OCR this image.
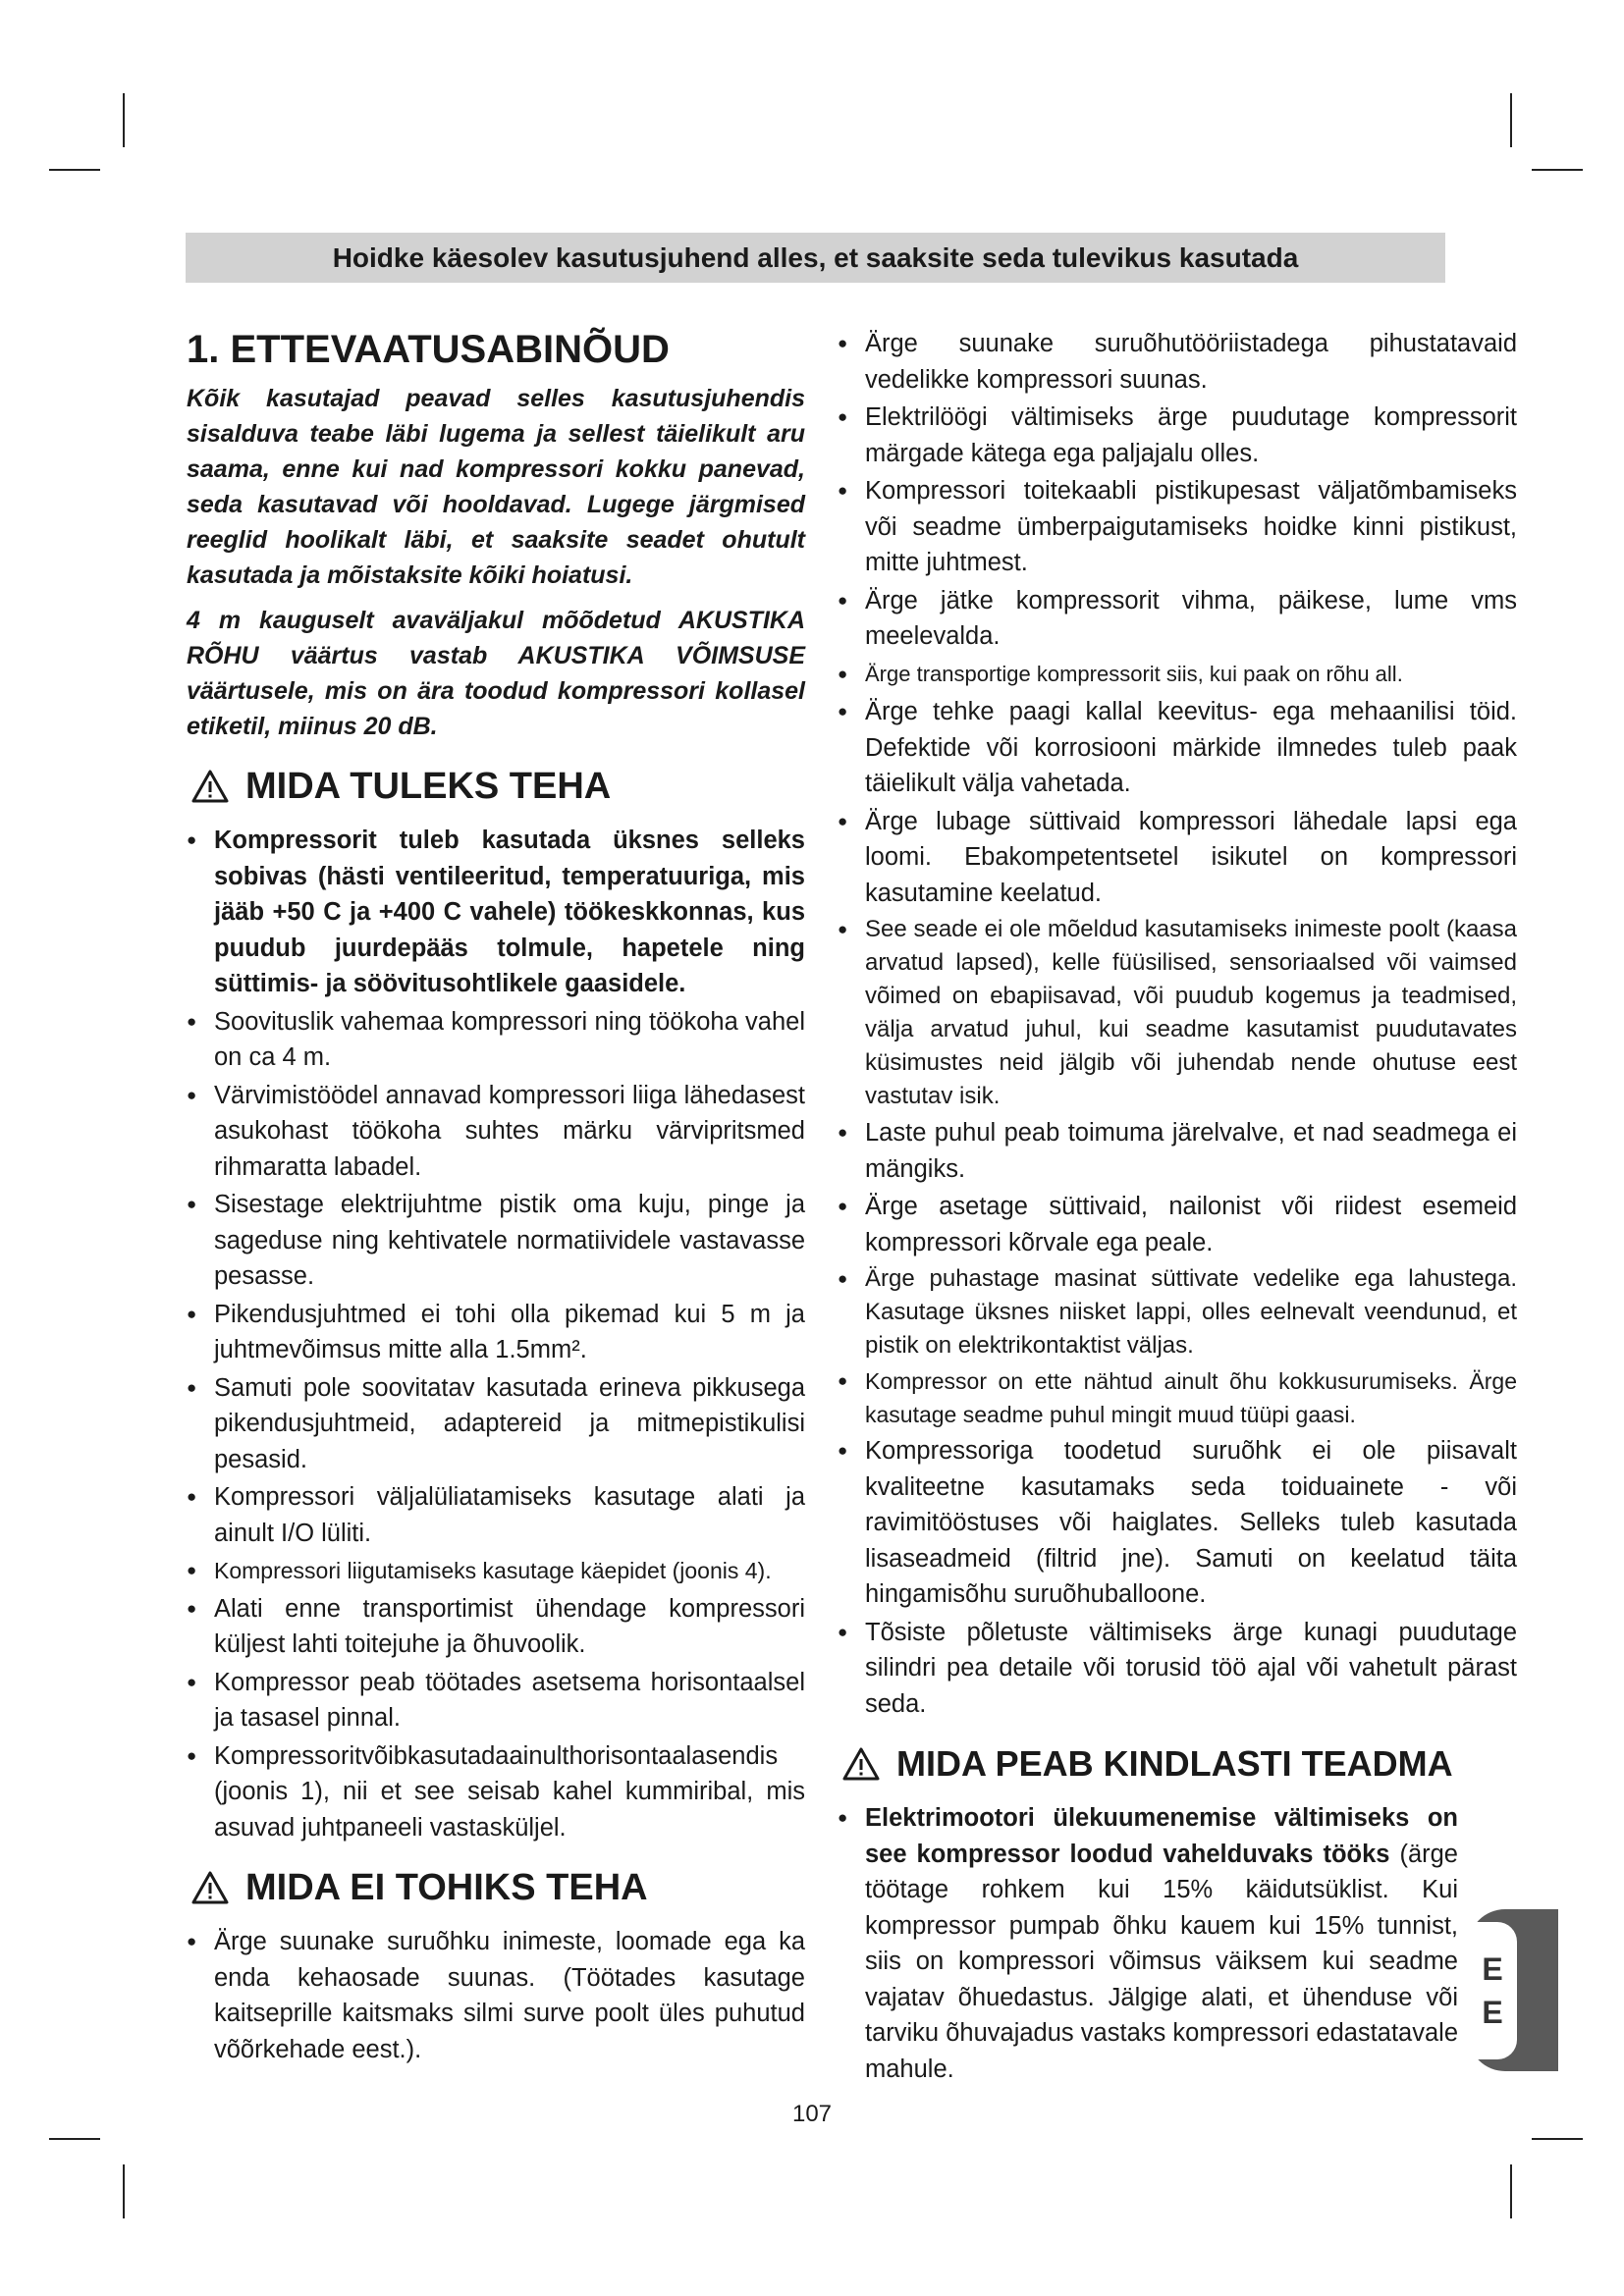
Hoidke käesolev kasutusjuhend alles, et saaksite seda tulevikus kasutada
1. ETTEVAATUSABINÕUD

Kõik kasutajad peavad selles kasutusjuhendis sisalduva teabe läbi lugema ja sellest täielikult aru saama, enne kui nad kompressori kokku panevad, seda kasutavad või hooldavad. Lugege järgmised reeglid hoolikalt läbi, et saaksite seadet ohutult kasutada ja mõistaksite kõiki hoiatusi.

4 m kauguselt avaväljakul mõõdetud AKUSTIKA RÕHU väärtus vastab AKUSTIKA VÕIMSUSE väärtusele, mis on ära toodud kompressori kollasel etiketil, miinus 20 dB.

MIDA TULEKS TEHA
● Kompressorit tuleb kasutada üksnes selleks sobivas (hästi ventileeritud, temperatuuriga, mis jääb +50 C ja +400 C vahele) töökeskkonnas, kus puudub juurdepääs tolmule, hapetele ning süttimis- ja söövitusohtlikele gaasidele.
● Soovituslik vahemaa kompressori ning töökoha vahel on ca 4 m.
● Värvimistöödel annavad kompressori liiga lähedasest asukohast töökoha suhtes märku värvipritsmed rihmaratta labadel.
● Sisestage elektrijuhtme pistik oma kuju, pinge ja sageduse ning kehtivatele normatiividele vastavasse pesasse.
● Pikendusjuhtmed ei tohi olla pikemad kui 5 m ja juhtmevõimsus mitte alla 1.5mm².
● Samuti pole soovitatav kasutada erineva pikkusega pikendusjuhtmeid, adaptereid ja mitmepistikulisi pesasid.
● Kompressori väljalüliatamiseks kasutage alati ja ainult I/O lüliti.
● Kompressori liigutamiseks kasutage käepidet (joonis 4).
● Alati enne transportimist ühendage kompressori küljest lahti toitejuhe ja õhuvoolik.
● Kompressor peab töötades asetsema horisontaalsel ja tasasel pinnal.
● Kompressoritvõibkasutadaainulthorisontaalasendis (joonis 1), nii et see seisab kahel kummiribal, mis asuvad juhtpaneeli vastasküljel.
MIDA EI TOHIKS TEHA
● Ärge suunake suruõhku inimeste, loomade ega ka enda kehaosade suunas. (Töötades kasutage kaitseprille kaitsmaks silmi surve poolt üles puhutud võõrkehade eest.).
● Ärge suunake suruõhutööriistadega pihustatavaid vedelikke kompressori suunas.
● Elektrilöögi vältimiseks ärge puudutage kompressorit märgade kätega ega paljajalu olles.
● Kompressori toitekaabli pistikupesast väljatõmbamiseks või seadme ümberpaigutamiseks hoidke kinni pistikust, mitte juhtmest.
● Ärge jätke kompressorit vihma, päikese, lume vms meelevalda.
● Ärge transportige kompressorit siis, kui paak on rõhu all.
● Ärge tehke paagi kallal keevitus- ega mehaanilisi töid. Defektide või korrosiooni märkide ilmnedes tuleb paak täielikult välja vahetada.
● Ärge lubage süttivaid kompressori lähedale lapsi ega loomi. Ebakompetentsetel isikutel on kompressori kasutamine keelatud.
● See seade ei ole mõeldud kasutamiseks inimeste poolt (kaasa arvatud lapsed), kelle füüsilised, sensoriaalsed või vaimsed võimed on ebapiisavad, või puudub kogemus ja teadmised, välja arvatud juhul, kui seadme kasutamist puudutavates küsimustes neid jälgib või juhendab nende ohutuse eest vastutav isik.
● Laste puhul peab toimuma järelvalve, et nad seadmega ei mängiks.
● Ärge asetage süttivaid, nailonist või riidest esemeid kompressori kõrvale ega peale.
● Ärge puhastage masinat süttivate vedelike ega lahustega. Kasutage üksnes niisket lappi, olles eelnevalt veendunud, et pistik on elektrikontaktist väljas.
● Kompressor on ette nähtud ainult õhu kokkusurumiseks. Ärge kasutage seadme puhul mingit muud tüüpi gaasi.
● Kompressoriga toodetud suruõhk ei ole piisavalt kvaliteetne kasutamaks seda toiduainete - või ravimitööstuses või haiglates. Selleks tuleb kasutada lisaseadmeid (filtrid jne). Samuti on keelatud täita hingamisõhu suruõhuballoone.
● Tõsiste põletuste vältimiseks ärge kunagi puudutage silindri pea detaile või torusid töö ajal või vahetult pärast seda.
MIDA PEAB KINDLASTI TEADMA
● Elektrimootori ülekuumenemise vältimiseks on see kompressor loodud vahelduvaks tööks (ärge töötage rohkem kui 15% käidutsüklist. Kui kompressor pumpab õhku kauem kui 15% tunnist, siis on kompressori võimsus väiksem kui seadme vajatav õhuedastus. Jälgige alati, et ühenduse või tarviku õhuvajadus vastaks kompressori edastatavale mahule.
E
E
107
